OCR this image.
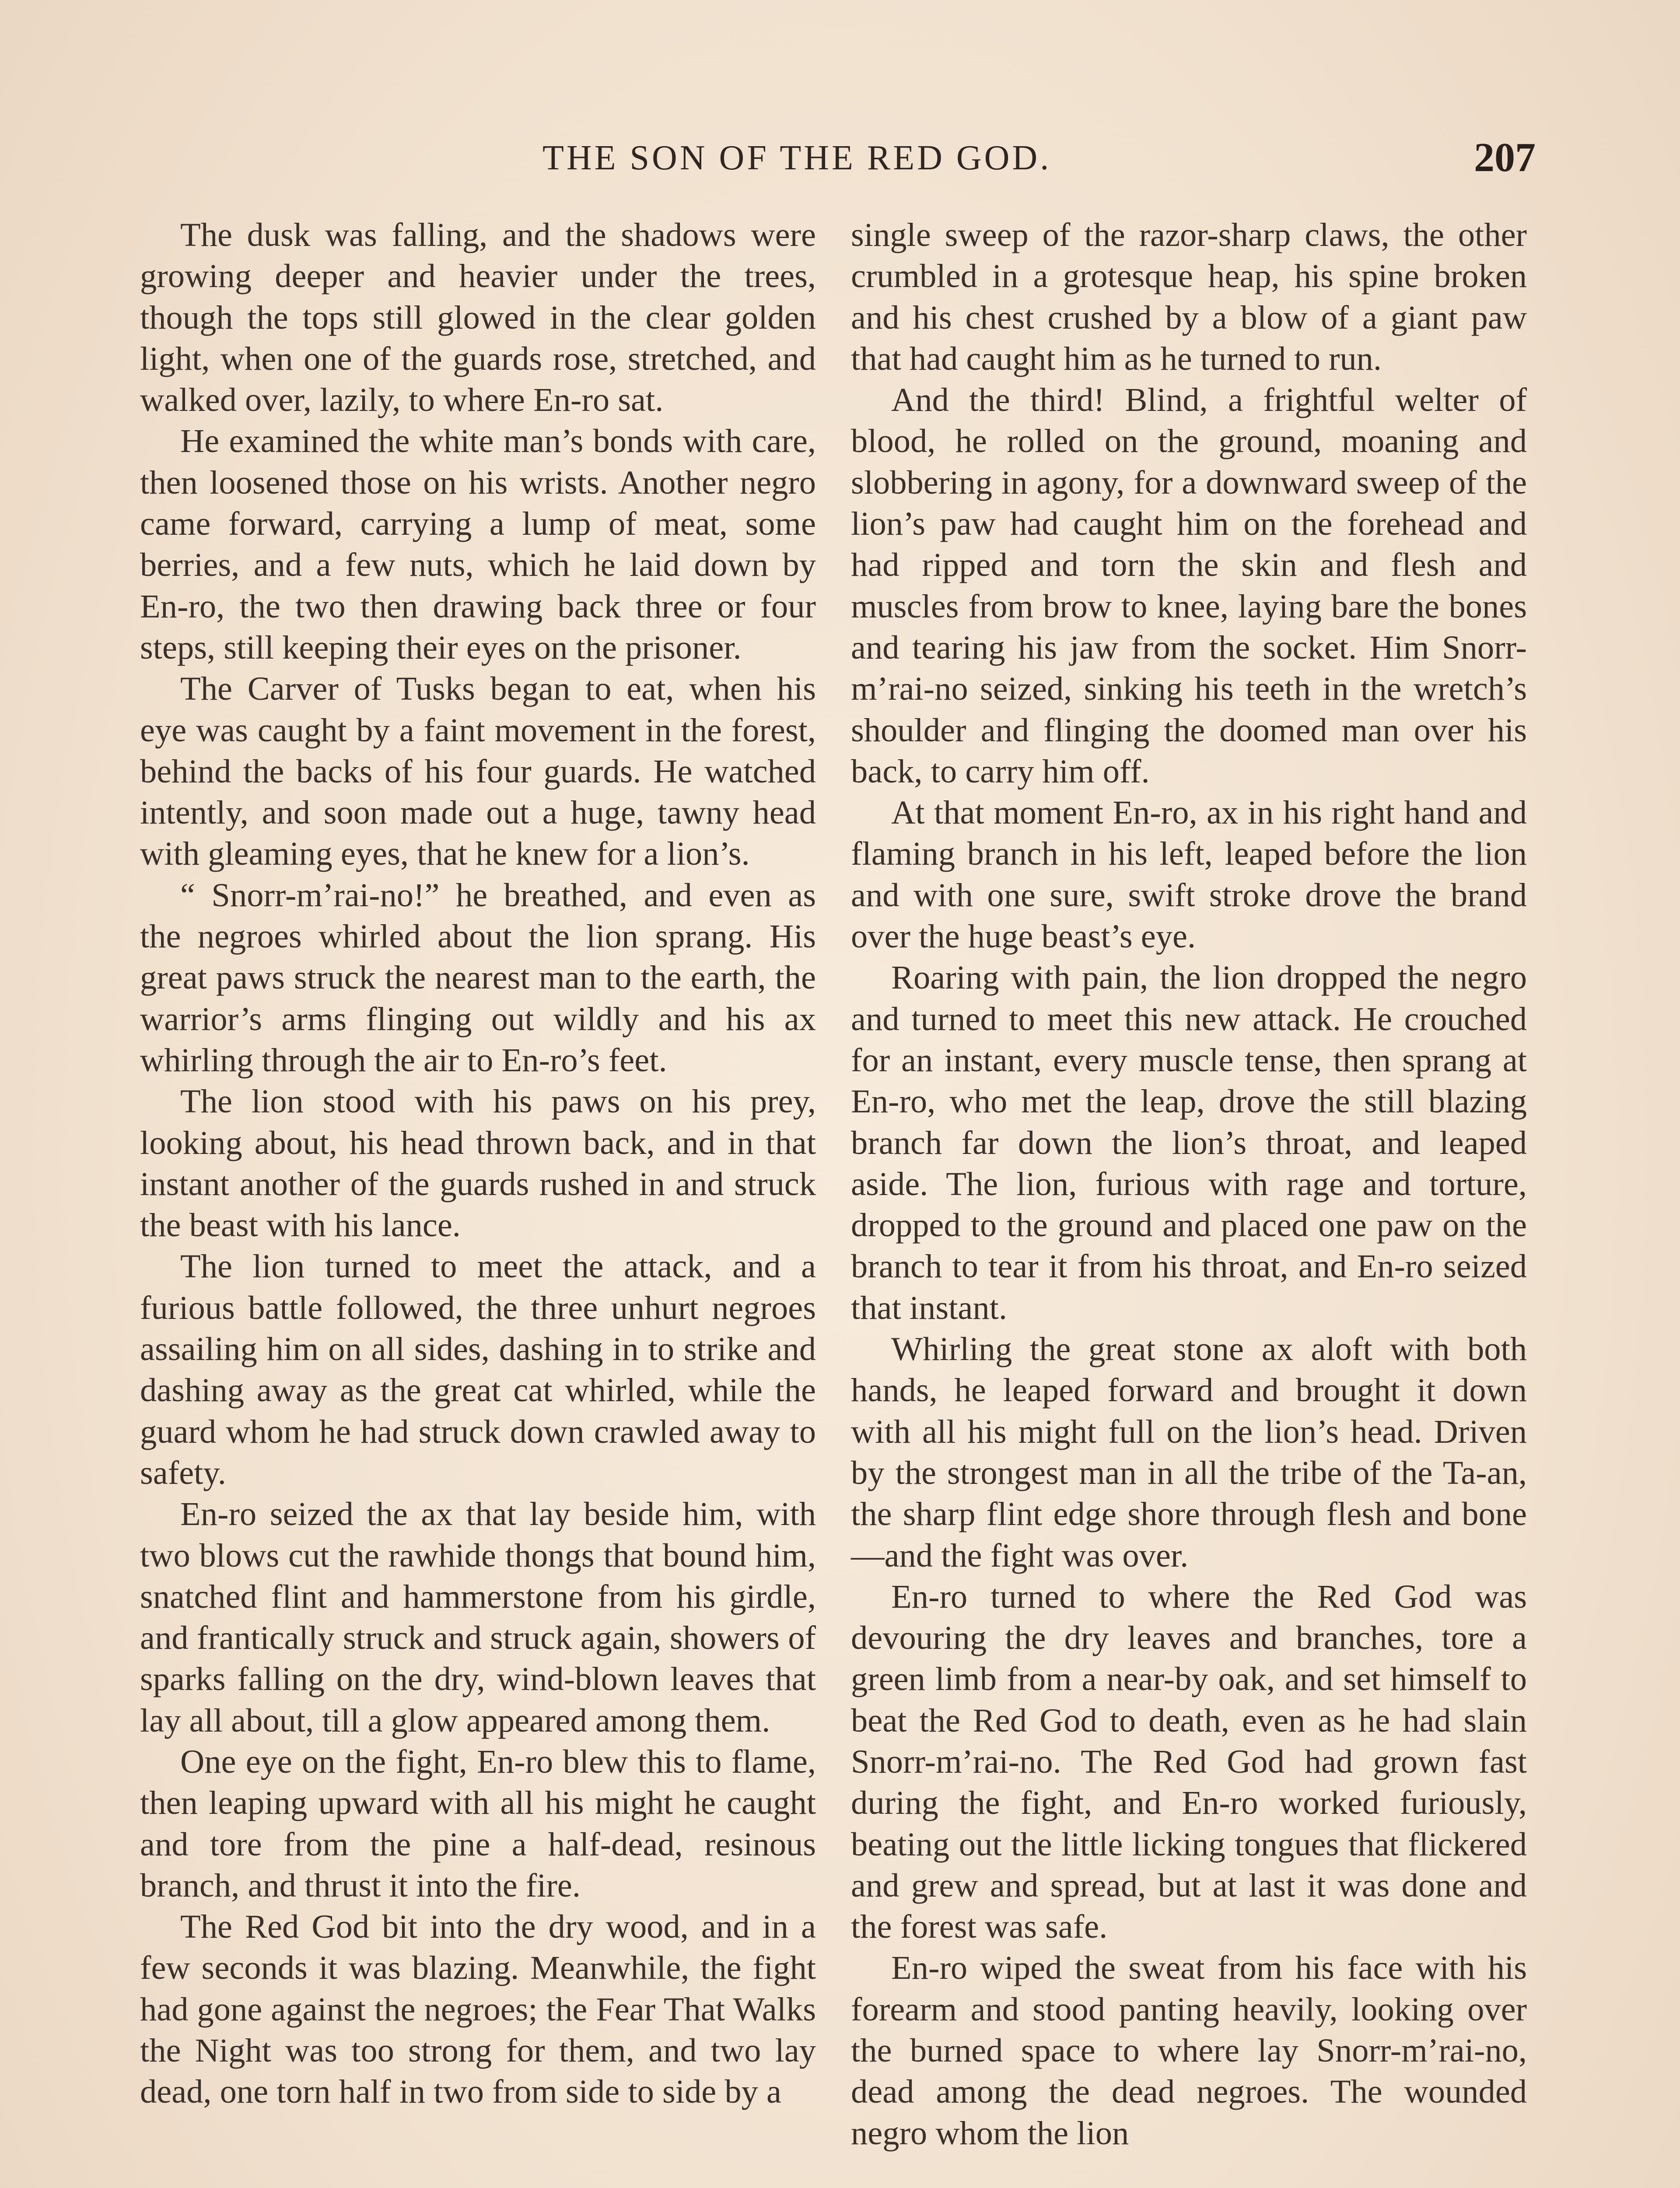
THE SON OF THE RED GOD.	207

The dusk was falling, and the shadows were growing deeper and heavier under the trees, though the tops still glowed in the clear golden light, when one of the guards rose, stretched, and walked over, lazily, to where En-ro sat.

He examined the white man’s bonds with care, then loosened those on his wrists. Another negro came forward, carrying a lump of meat, some berries, and a few nuts, which he laid down by En-ro, the two then drawing back three or four steps, still keeping their eyes on the prisoner.

The Carver of Tusks began to eat, when his eye was caught by a faint movement in the forest, behind the backs of his four guards. He watched intently, and soon made out a huge, tawny head with gleaming eyes, that he knew for a lion’s.

“ Snorr-m’rai-no!” he breathed, and even as the negroes whirled about the lion sprang. His great paws struck the nearest man to the earth, the warrior’s arms flinging out wildly and his ax whirling through the air to En-ro’s feet.

The lion stood with his paws on his prey, looking about, his head thrown back, and in that instant another of the guards rushed in and struck the beast with his lance.

The lion turned to meet the attack, and a furious battle followed, the three unhurt negroes assailing him on all sides, dashing in to strike and dashing away as the great cat whirled, while the guard whom he had struck down crawled away to safety.

En-ro seized the ax that lay beside him, with two blows cut the rawhide thongs that bound him, snatched flint and hammerstone from his girdle, and frantically struck and struck again, showers of sparks falling on the dry, wind-blown leaves that lay all about, till a glow appeared among them.

One eye on the fight, En-ro blew this to flame, then leaping upward with all his might he caught and tore from the pine a half-dead, resinous branch, and thrust it into the fire.

The Red God bit into the dry wood, and in a few seconds it was blazing. Meanwhile, the fight had gone against the negroes; the Fear That Walks the Night was too strong for them, and two lay dead, one torn half in two from side to side by a

single sweep of the razor-sharp claws, the other crumbled in a grotesque heap, his spine broken and his chest crushed by a blow of a giant paw that had caught him as he turned to run.

And the third! Blind, a frightful welter of blood, he rolled on the ground, moaning and slobbering in agony, for a downward sweep of the lion’s paw had caught him on the forehead and had ripped and torn the skin and flesh and muscles from brow to knee, laying bare the bones and tearing his jaw from the socket. Him Snorr-m’rai-no seized, sinking his teeth in the wretch’s shoulder and flinging the doomed man over his back, to carry him off.

At that moment En-ro, ax in his right hand and flaming branch in his left, leaped before the lion and with one sure, swift stroke drove the brand over the huge beast’s eye.

Roaring with pain, the lion dropped the negro and turned to meet this new attack. He crouched for an instant, every muscle tense, then sprang at En-ro, who met the leap, drove the still blazing branch far down the lion’s throat, and leaped aside. The lion, furious with rage and torture, dropped to the ground and placed one paw on the branch to tear it from his throat, and En-ro seized that instant.

Whirling the great stone ax aloft with both hands, he leaped forward and brought it down with all his might full on the lion’s head. Driven by the strongest man in all the tribe of the Ta-an, the sharp flint edge shore through flesh and bone—and the fight was over.

En-ro turned to where the Red God was devouring the dry leaves and branches, tore a green limb from a near-by oak, and set himself to beat the Red God to death, even as he had slain Snorr-m’rai-no. The Red God had grown fast during the fight, and En-ro worked furiously, beating out the little licking tongues that flickered and grew and spread, but at last it was done and the forest was safe.

En-ro wiped the sweat from his face with his forearm and stood panting heavily, looking over the burned space to where lay Snorr-m’rai-no, dead among the dead negroes. The wounded negro whom the lion
